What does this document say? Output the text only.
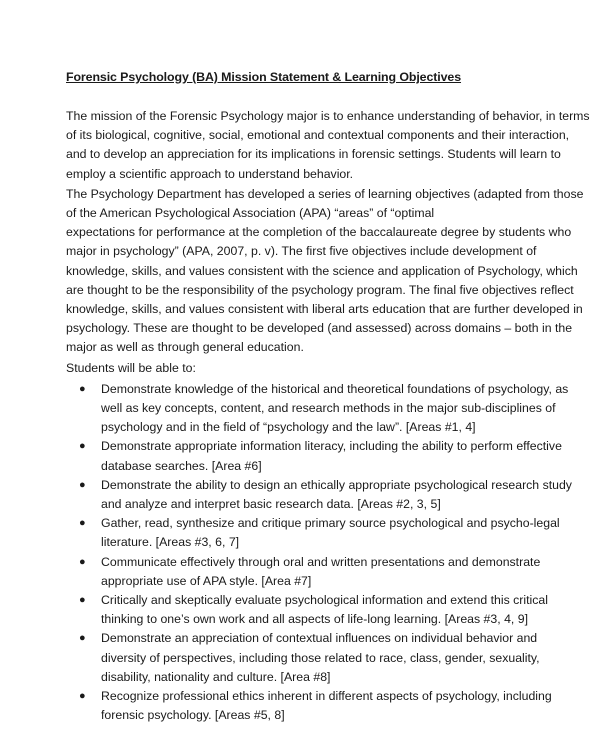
Forensic Psychology (BA) Mission Statement & Learning Objectives

The mission of the Forensic Psychology major is to enhance understanding of behavior, in terms
of its biological, cognitive, social, emotional and contextual components and their interaction,
and to develop an appreciation for its implications in forensic settings. Students will learn to
employ a scientific approach to understand behavior.

The Psychology Department has developed a series of learning objectives (adapted from those
of the American Psychological Association (APA) “areas” of “optimal
expectations for performance at the completion of the baccalaureate degree by students who
major in psychology” (APA, 2007, p. v). The first five objectives include development of
knowledge, skills, and values consistent with the science and application of Psychology, which
are thought to be the responsibility of the psychology program. The final five objectives reflect
knowledge, skills, and values consistent with liberal arts education that are further developed in
psychology. These are thought to be developed (and assessed) across domains – both in the
major as well as through general education.

Students will be able to:

● Demonstrate knowledge of the historical and theoretical foundations of psychology, as
well as key concepts, content, and research methods in the major sub-disciplines of
psychology and in the field of “psychology and the law”. [Areas #1, 4]
● Demonstrate appropriate information literacy, including the ability to perform effective
database searches. [Area #6]
● Demonstrate the ability to design an ethically appropriate psychological research study
and analyze and interpret basic research data. [Areas #2, 3, 5]
● Gather, read, synthesize and critique primary source psychological and psycho-legal
literature. [Areas #3, 6, 7]
● Communicate effectively through oral and written presentations and demonstrate
appropriate use of APA style. [Area #7]
● Critically and skeptically evaluate psychological information and extend this critical
thinking to one’s own work and all aspects of life-long learning. [Areas #3, 4, 9]
● Demonstrate an appreciation of contextual influences on individual behavior and
diversity of perspectives, including those related to race, class, gender, sexuality,
disability, nationality and culture. [Area #8]
● Recognize professional ethics inherent in different aspects of psychology, including
forensic psychology. [Areas #5, 8]
